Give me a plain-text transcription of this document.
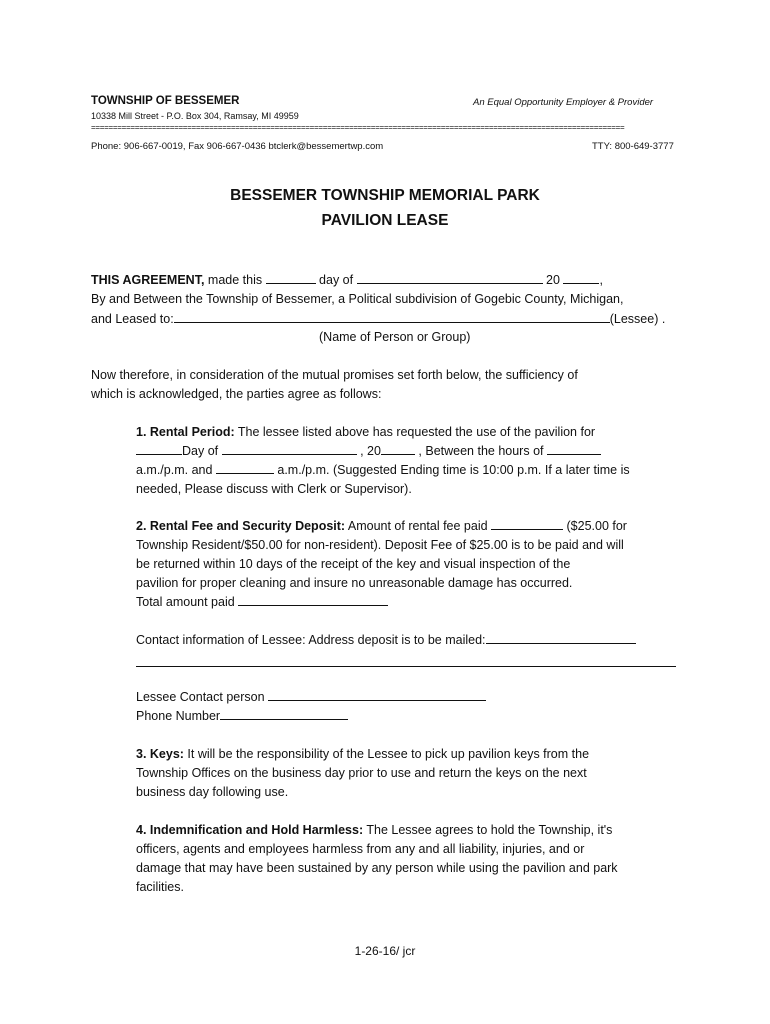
TOWNSHIP OF BESSEMER	An Equal Opportunity Employer & Provider
10338 Mill Street - P.O. Box 304, Ramsay, MI 49959
==========================================================================================================================
Phone: 906-667-0019, Fax 906-667-0436 btclerk@bessemertwp.com	TTY: 800-649-3777
BESSEMER TOWNSHIP MEMORIAL PARK
PAVILION LEASE
THIS AGREEMENT, made this	day of	20	,
By and Between the Township of Bessemer, a Political subdivision of Gogebic County, Michigan,
and Leased to:	(Lessee) .
(Name of Person or Group)
Now therefore, in consideration of the mutual promises set forth below, the sufficiency of
which is acknowledged, the parties agree as follows:
1. Rental Period: The lessee listed above has requested the use of the pavilion for
Day of	, 20	, Between the hours of
a.m./p.m. and	a.m./p.m. (Suggested Ending time is 10:00 p.m. If a later time is
needed, Please discuss with Clerk or Supervisor).
2. Rental Fee and Security Deposit: Amount of rental fee paid	($25.00 for
Township Resident/$50.00 for non-resident). Deposit Fee of $25.00 is to be paid and will
be returned within 10 days of the receipt of the key and visual inspection of the
pavilion for proper cleaning and insure no unreasonable damage has occurred.
Total amount paid
Contact information of Lessee: Address deposit is to be mailed:
Lessee Contact person
Phone Number
3. Keys: It will be the responsibility of the Lessee to pick up pavilion keys from the
Township Offices on the business day prior to use and return the keys on the next
business day following use.
4. Indemnification and Hold Harmless: The Lessee agrees to hold the Township, it's
officers, agents and employees harmless from any and all liability, injuries, and or
damage that may have been sustained by any person while using the pavilion and park
facilities.
1-26-16/ jcr
